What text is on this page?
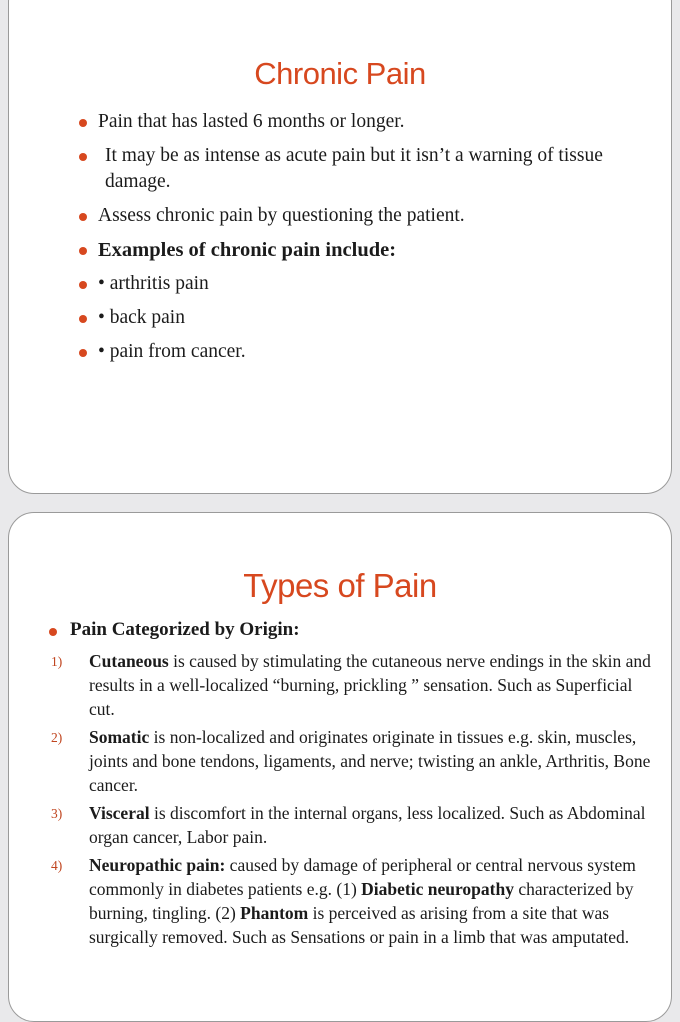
Chronic Pain
Pain that has lasted 6 months or longer.
It may be as intense as acute pain but it isn’t a warning of tissue damage.
Assess chronic pain by questioning the patient.
Examples of chronic pain include:
• arthritis pain
• back pain
• pain from cancer.
Types of Pain
Pain Categorized by Origin:
1) Cutaneous is caused by stimulating the cutaneous nerve endings in the skin and results in a well-localized “burning, prickling ” sensation. Such as Superficial cut.
2) Somatic is non-localized and originates originate in tissues e.g. skin, muscles, joints and bone tendons, ligaments, and nerve; twisting an ankle, Arthritis, Bone cancer.
3) Visceral is discomfort in the internal organs, less localized. Such as Abdominal organ cancer, Labor pain.
4) Neuropathic pain: caused by damage of peripheral or central nervous system commonly in diabetes patients e.g. (1) Diabetic neuropathy characterized by burning, tingling. (2) Phantom is perceived as arising from a site that was surgically removed. Such as Sensations or pain in a limb that was amputated.
